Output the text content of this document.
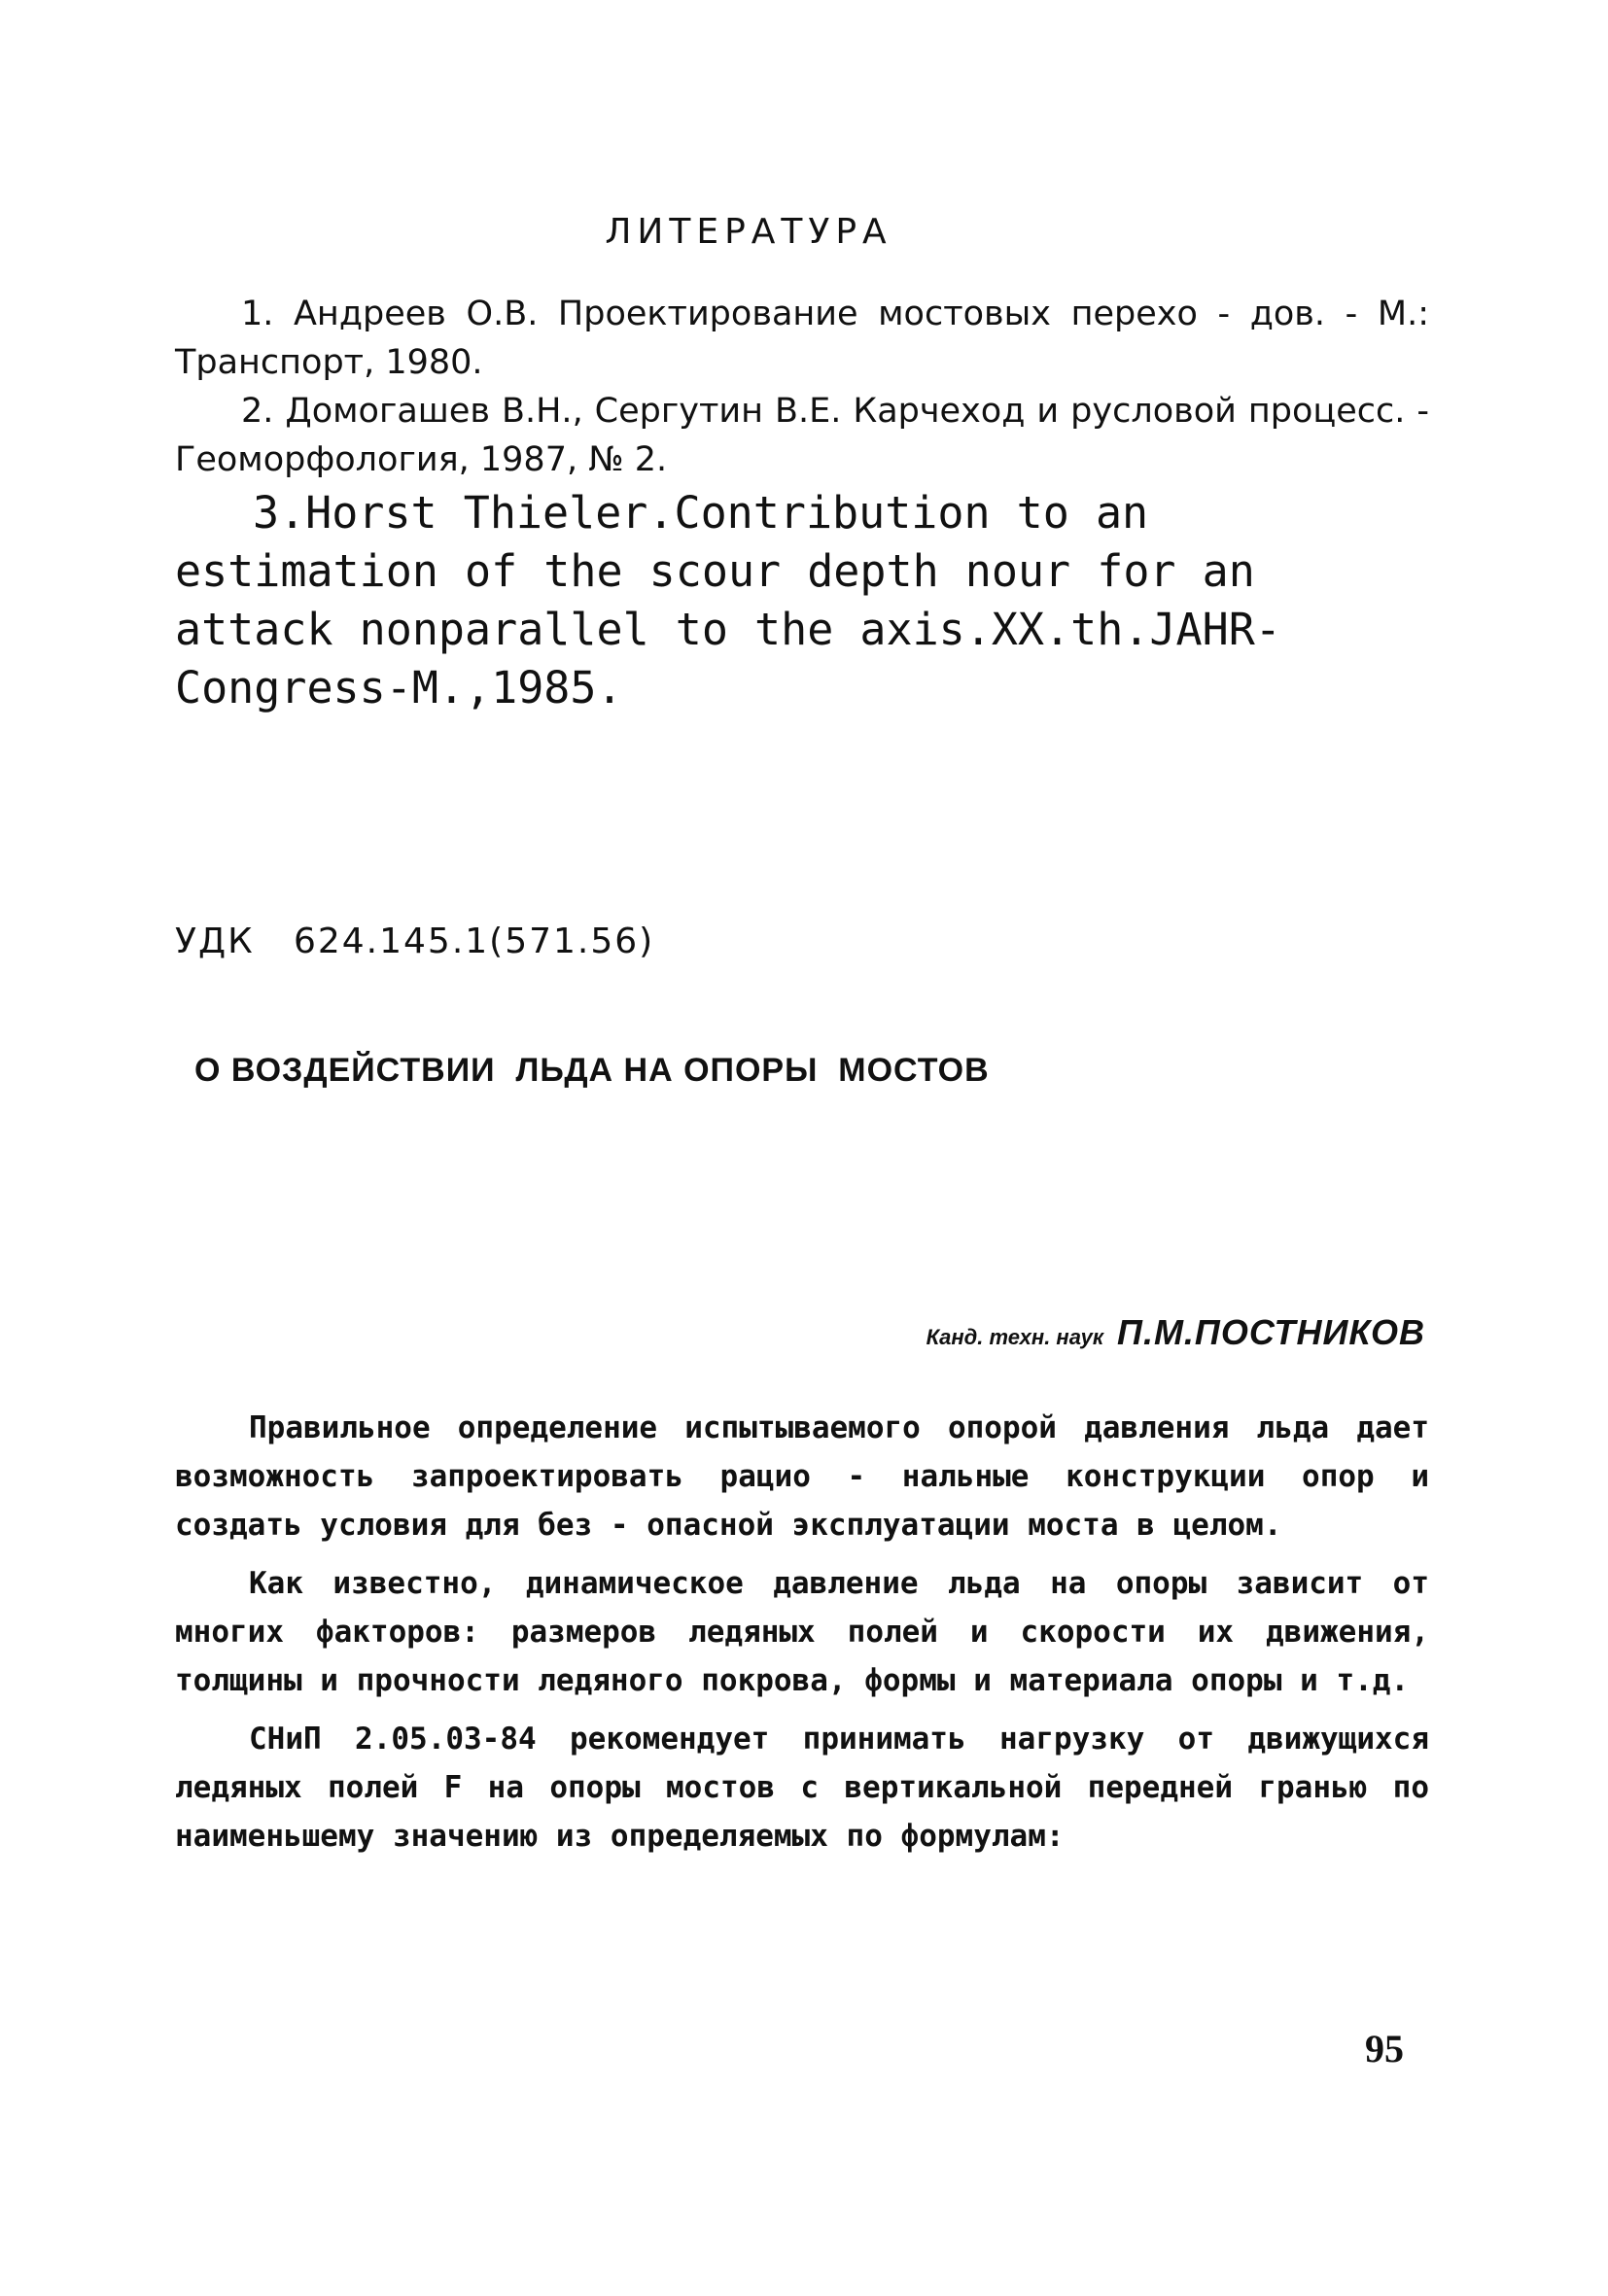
ЛИТЕРАТУРА

1. Андреев О.В. Проектирование мостовых перехо - дов. - М.: Транспорт, 1980.

2. Домогашев В.Н., Сергутин В.Е. Карчеход и русловой процесс. - Геоморфология, 1987, № 2.

3.Horst Thieler.Contribution to an estimation of the scour depth nour for an attack nonparallel to the axis.XX.th.JAHR-Congress-M.,1985.

УДК   624.145.1(571.56)
О ВОЗДЕЙСТВИИ  ЛЬДА НА ОПОРЫ  МОСТОВ

Канд. техн. наук П.М.ПОСТНИКОВ

Правильное определение испытываемого опорой давления льда дает возможность запроектировать рацио - нальные конструкции опор и создать условия для без - опасной эксплуатации моста в целом.

Как известно, динамическое давление льда на опоры зависит от многих факторов: размеров ледяных полей и скорости их движения, толщины и прочности ледяного покрова, формы и материала опоры и т.д.

СНиП 2.05.03-84 рекомендует принимать нагрузку от движущихся ледяных полей F на опоры мостов с вертикальной передней гранью по наименьшему значению из определяемых по формулам:

95
